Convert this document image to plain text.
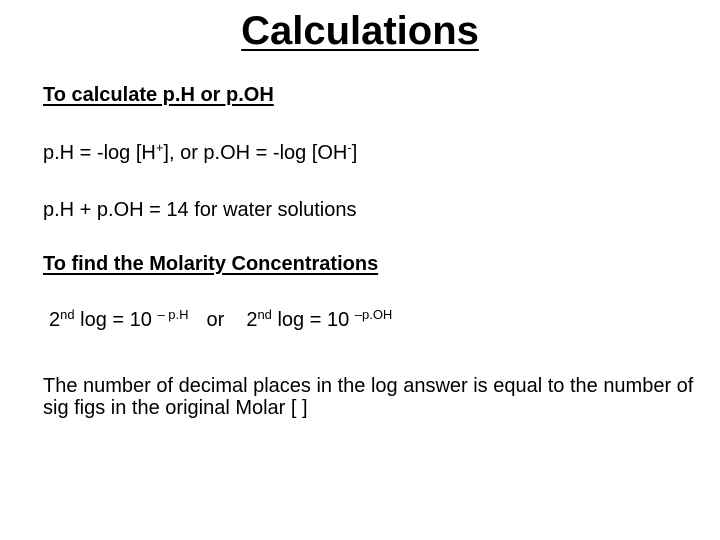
Calculations
To calculate p.H or p.OH
p.H = -log [H+], or p.OH = -log [OH-]
p.H + p.OH = 14 for water solutions
To find the Molarity Concentrations
2nd log = 10 $^{- p.H}$ or 2nd log = 10 $^{-p.OH}$
The number of decimal places in the log answer is equal to the number of sig figs in the original Molar [ ]
